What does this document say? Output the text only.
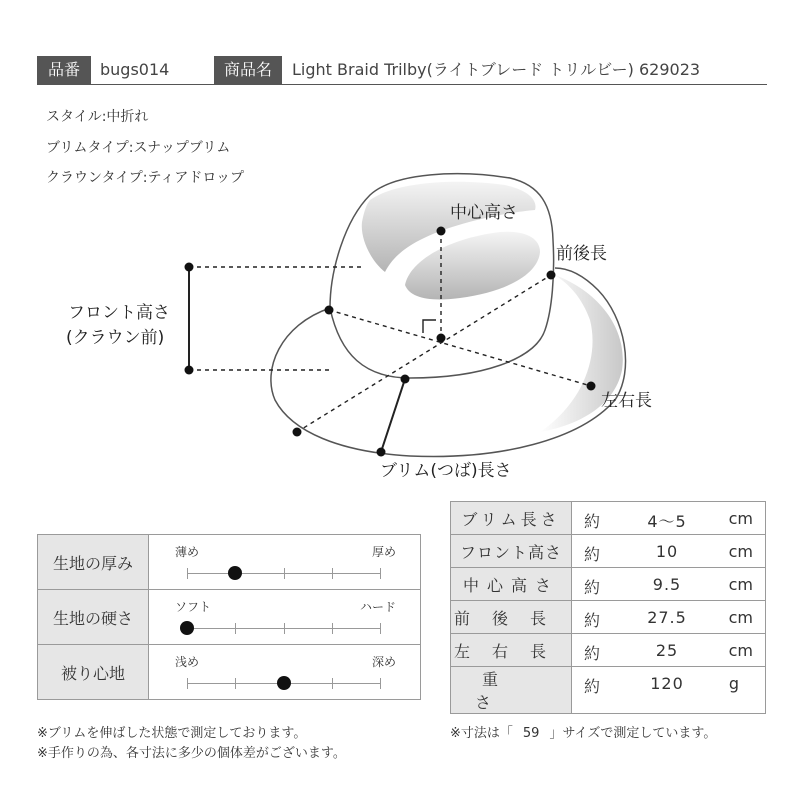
品番	bugs014	商品名	Light Braid Trilby(ライトブレード トリルビー) 629023
スタイル:中折れ
ブリムタイプ:スナップブリム
クラウンタイプ:ティアドロップ
中心高さ
前後長
フロント高さ
(クラウン前)
左右長
ブリム(つば)長さ
生地の厚み	薄め 厚め

生地の硬さ	ソフト ハード

被り心地	浅め 深め
ブリム長さ	約 4〜5 cm

フロント高さ	約 10 cm

中心高さ	約 9.5 cm

前後長	約 27.5 cm

左右長	約 25 cm

重さ	約 120 g
※ブリムを伸ばした状態で測定しております。
※手作りの為、各寸法に多少の個体差がございます。
※寸法は「 59 」サイズで測定しています。
